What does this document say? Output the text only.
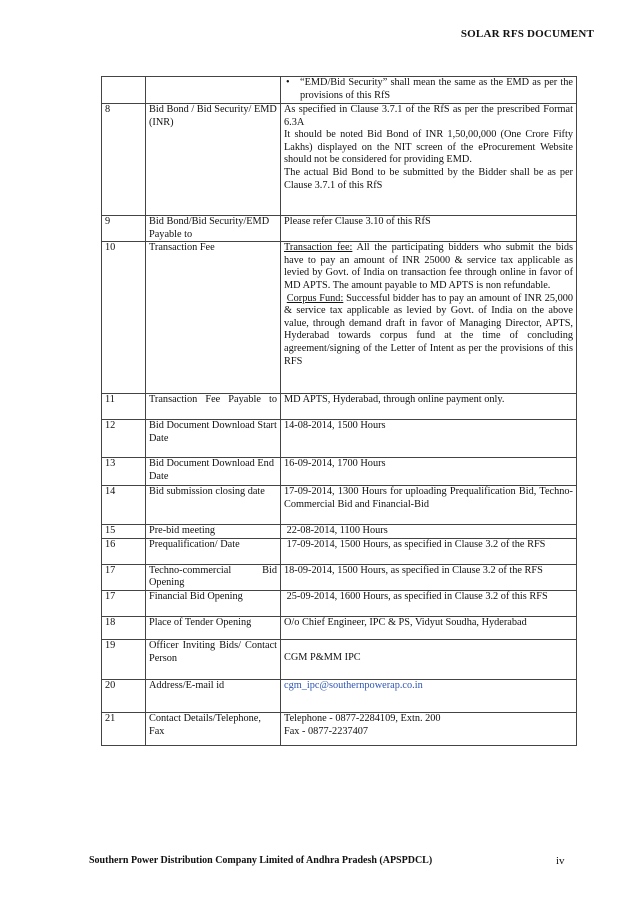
SOLAR RFS DOCUMENT

		• “EMD/Bid Security” shall mean the same as the EMD as per the provisions of this RfS

8	Bid Bond / Bid Security/ EMD (INR)	As specified in Clause 3.7.1 of the RfS as per the prescribed Format 6.3A
It should be noted Bid Bond of INR 1,50,00,000 (One Crore Fifty Lakhs) displayed on the NIT screen of the eProcurement Website should not be considered for providing EMD.
The actual Bid Bond to be submitted by the Bidder shall be as per Clause 3.7.1 of this RfS

9	Bid Bond/Bid Security/EMD Payable to	Please refer Clause 3.10 of this RfS
10	Transaction Fee	Transaction fee: All the participating bidders who submit the bids have to pay an amount of INR 25000 & service tax applicable as levied by Govt. of India on transaction fee through online in favor of MD APTS. The amount payable to MD APTS is non refundable.
Corpus Fund: Successful bidder has to pay an amount of INR 25,000 & service tax applicable as levied by Govt. of India on the above value, through demand draft in favor of Managing Director, APTS, Hyderabad towards corpus fund at the time of concluding agreement/signing of the Letter of Intent as per the provisions of this RFS

11	Transaction Fee Payable to	MD APTS, Hyderabad, through online payment only.
12	Bid Document Download Start Date	14-08-2014, 1500 Hours
13	Bid Document Download End Date	16-09-2014, 1700 Hours
14	Bid submission closing date	17-09-2014, 1300 Hours for uploading Prequalification Bid, Techno-Commercial Bid and Financial-Bid
15	Pre-bid meeting	22-08-2014, 1100 Hours
16	Prequalification/ Date	17-09-2014, 1500 Hours, as specified in Clause 3.2 of the RFS
17	Techno-commercial Bid Opening	18-09-2014, 1500 Hours, as specified in Clause 3.2 of the RFS
17	Financial Bid Opening	25-09-2014, 1600 Hours, as specified in Clause 3.2 of this RFS
18	Place of Tender Opening	O/o Chief Engineer, IPC & PS, Vidyut Soudha, Hyderabad
19	Officer Inviting Bids/ Contact Person	CGM P&MM IPC

20	Address/E-mail id	cgm_ipc@southernpowerap.co.in
21	Contact Details/Telephone, Fax	Telephone - 0877-2284109, Extn. 200
Fax - 0877-2237407
Southern Power Distribution Company Limited of Andhra Pradesh (APSPDCL)	iv
